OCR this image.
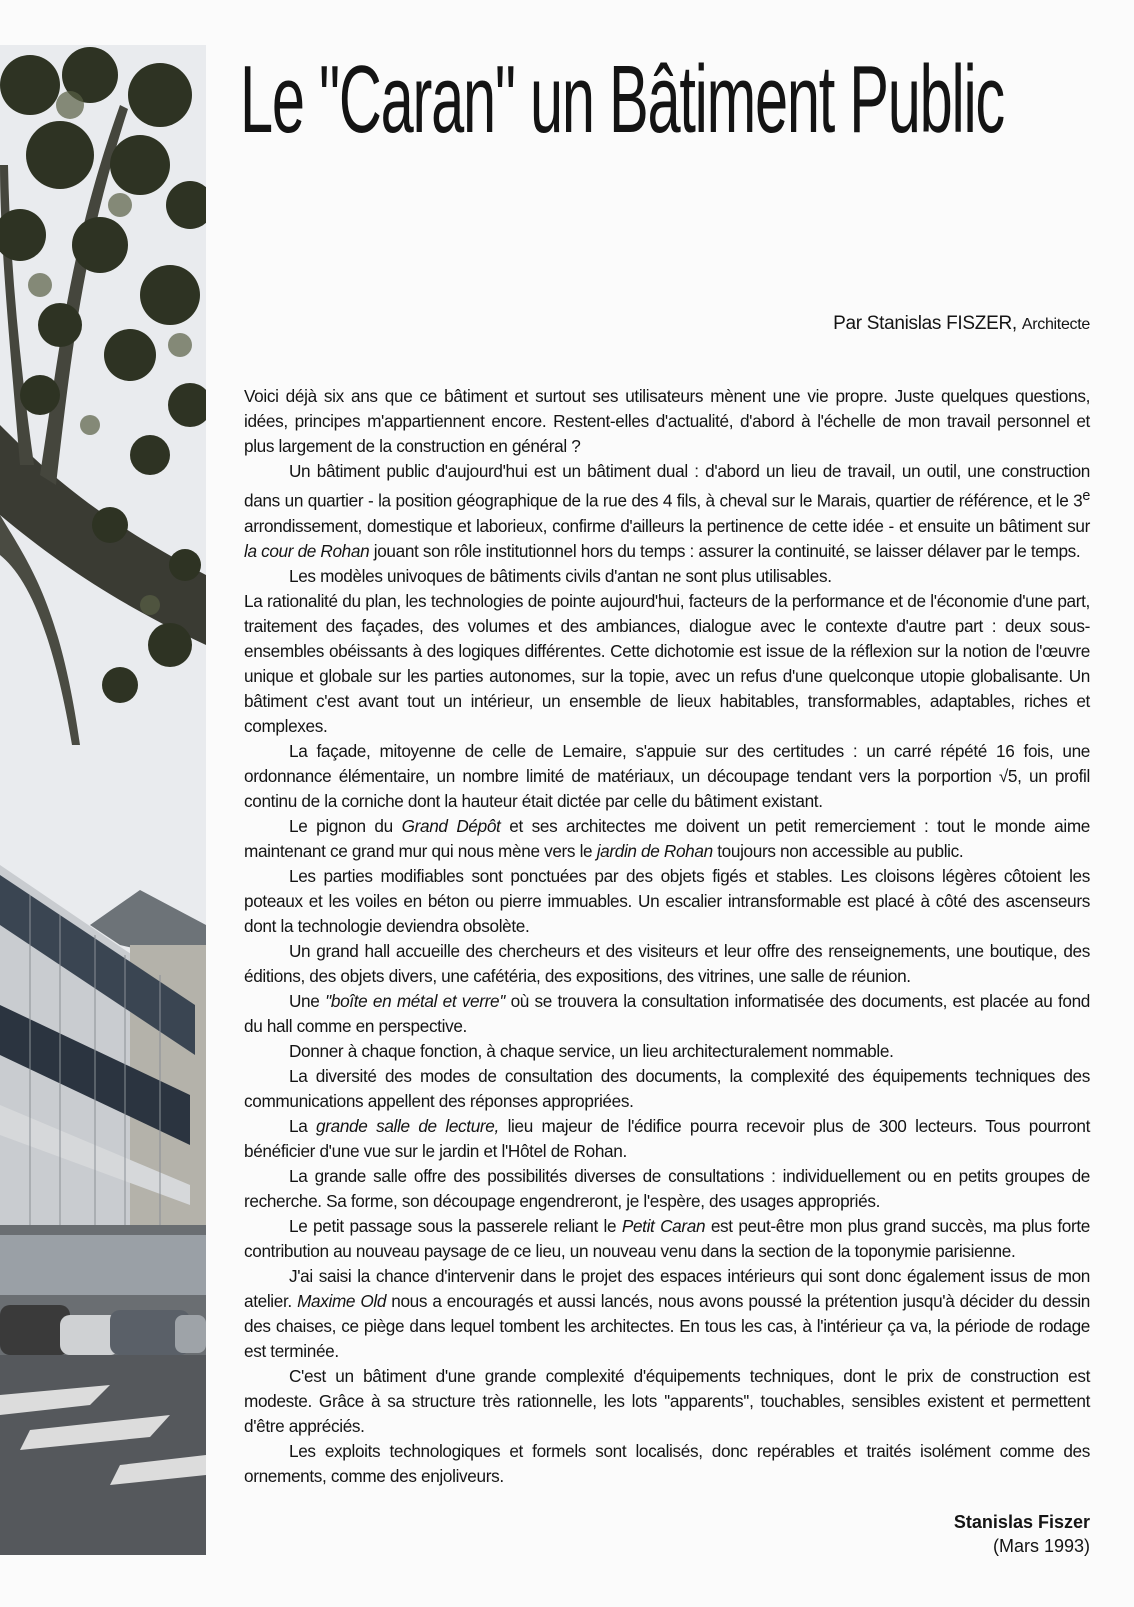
Le "Caran" un Bâtiment Public
Par Stanislas FISZER, Architecte

Voici déjà six ans que ce bâtiment et surtout ses utilisateurs mènent une vie propre. Juste quelques questions, idées, principes m'appartiennent encore. Restent-elles d'actualité, d'abord à l'échelle de mon travail personnel et plus largement de la construction en général ?

Un bâtiment public d'aujourd'hui est un bâtiment dual : d'abord un lieu de travail, un outil, une construction dans un quartier - la position géographique de la rue des 4 fils, à cheval sur le Marais, quartier de référence, et le 3e arrondissement, domestique et laborieux, confirme d'ailleurs la pertinence de cette idée - et ensuite un bâtiment sur la cour de Rohan jouant son rôle institutionnel hors du temps : assurer la continuité, se laisser délaver par le temps.

Les modèles univoques de bâtiments civils d'antan ne sont plus utilisables.

La rationalité du plan, les technologies de pointe aujourd'hui, facteurs de la performance et de l'économie d'une part, traitement des façades, des volumes et des ambiances, dialogue avec le contexte d'autre part : deux sous-ensembles obéissants à des logiques différentes. Cette dichotomie est issue de la réflexion sur la notion de l'œuvre unique et globale sur les parties autonomes, sur la topie, avec un refus d'une quelconque utopie globalisante. Un bâtiment c'est avant tout un intérieur, un ensemble de lieux habitables, transformables, adaptables, riches et complexes.

La façade, mitoyenne de celle de Lemaire, s'appuie sur des certitudes : un carré répété 16 fois, une ordonnance élémentaire, un nombre limité de matériaux, un découpage tendant vers la porportion √5, un profil continu de la corniche dont la hauteur était dictée par celle du bâtiment existant.

Le pignon du Grand Dépôt et ses architectes me doivent un petit remerciement : tout le monde aime maintenant ce grand mur qui nous mène vers le jardin de Rohan toujours non accessible au public.

Les parties modifiables sont ponctuées par des objets figés et stables. Les cloisons légères côtoient les poteaux et les voiles en béton ou pierre immuables. Un escalier intransformable est placé à côté des ascenseurs dont la technologie deviendra obsolète.

Un grand hall accueille des chercheurs et des visiteurs et leur offre des renseignements, une boutique, des éditions, des objets divers, une cafétéria, des expositions, des vitrines, une salle de réunion.

Une ''boîte en métal et verre'' où se trouvera la consultation informatisée des documents, est placée au fond du hall comme en perspective.

Donner à chaque fonction, à chaque service, un lieu architecturalement nommable.

La diversité des modes de consultation des documents, la complexité des équipements techniques des communications appellent des réponses appropriées.

La grande salle de lecture, lieu majeur de l'édifice pourra recevoir plus de 300 lecteurs. Tous pourront bénéficier d'une vue sur le jardin et l'Hôtel de Rohan.

La grande salle offre des possibilités diverses de consultations : individuellement ou en petits groupes de recherche. Sa forme, son découpage engendreront, je l'espère, des usages appropriés.

Le petit passage sous la passerele reliant le Petit Caran est peut-être mon plus grand succès, ma plus forte contribution au nouveau paysage de ce lieu, un nouveau venu dans la section de la toponymie parisienne.

J'ai saisi la chance d'intervenir dans le projet des espaces intérieurs qui sont donc également issus de mon atelier. Maxime Old nous a encouragés et aussi lancés, nous avons poussé la prétention jusqu'à décider du dessin des chaises, ce piège dans lequel tombent les architectes. En tous les cas, à l'intérieur ça va, la période de rodage est terminée.

C'est un bâtiment d'une grande complexité d'équipements techniques, dont le prix de construction est modeste. Grâce à sa structure très rationnelle, les lots ''apparents'', touchables, sensibles existent et permettent d'être appréciés.

Les exploits technologiques et formels sont localisés, donc repérables et traités isolément comme des ornements, comme des enjoliveurs.

Stanislas Fiszer
(Mars 1993)
